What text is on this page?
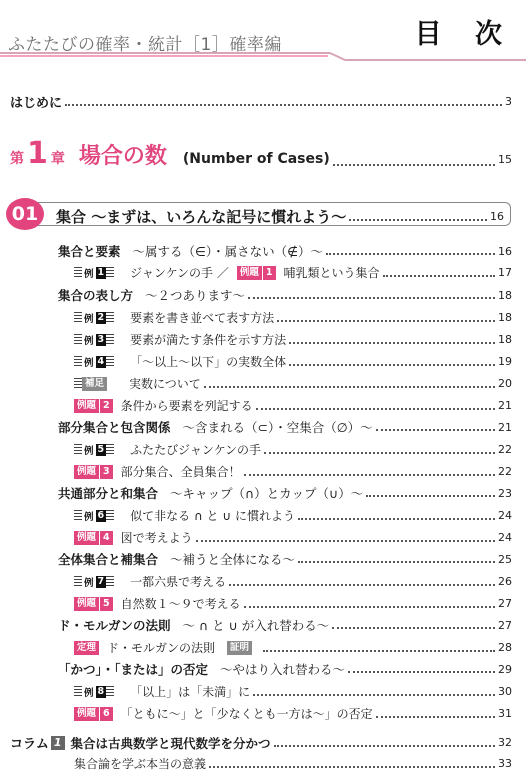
ふたたびの確率・統計［1］確率編	目 次
はじめに	3
第 1 章 場合の数 (Number of Cases)	15
01	集合 〜まずは、いろんな記号に慣れよう〜	16
集合と要素 〜属する（∈）・属さない（∉）〜	16
例 1 ジャンケンの手 ／	例題 1 哺乳類という集合	17
集合の表し方 〜２つあります〜	18
例 2 要素を書き並べて表す方法	18
例 3 要素が満たす条件を示す方法	18
例 4 「〜以上〜以下」の実数全体	19
補足 実数について	20
例題 2 条件から要素を列記する	21
部分集合と包含関係 〜含まれる（⊂）・空集合（∅）〜	21
例 5 ふたたびジャンケンの手	22
例題 3 部分集合、全員集合！	22
共通部分と和集合 〜キャップ（∩）とカップ（∪）〜	23
例 6 似て非なる ∩ と ∪ に慣れよう	24
例題 4 図で考えよう	24
全体集合と補集合 〜補うと全体になる〜	25
例 7 一都六県で考える	26
例題 5 自然数１〜９で考える	27
ド・モルガンの法則 〜 ∩ と ∪ が入れ替わる〜	27
定理 ド・モルガンの法則	証明	28
「かつ」・「または」の否定 〜やはり入れ替わる〜	29
例 8 「以上」は「未満」に	30
例題 6 「ともに〜」と「少なくとも一方は〜」の否定	31
コラム 1 集合は古典数学と現代数学を分かつ	32
集合論を学ぶ本当の意義	33
